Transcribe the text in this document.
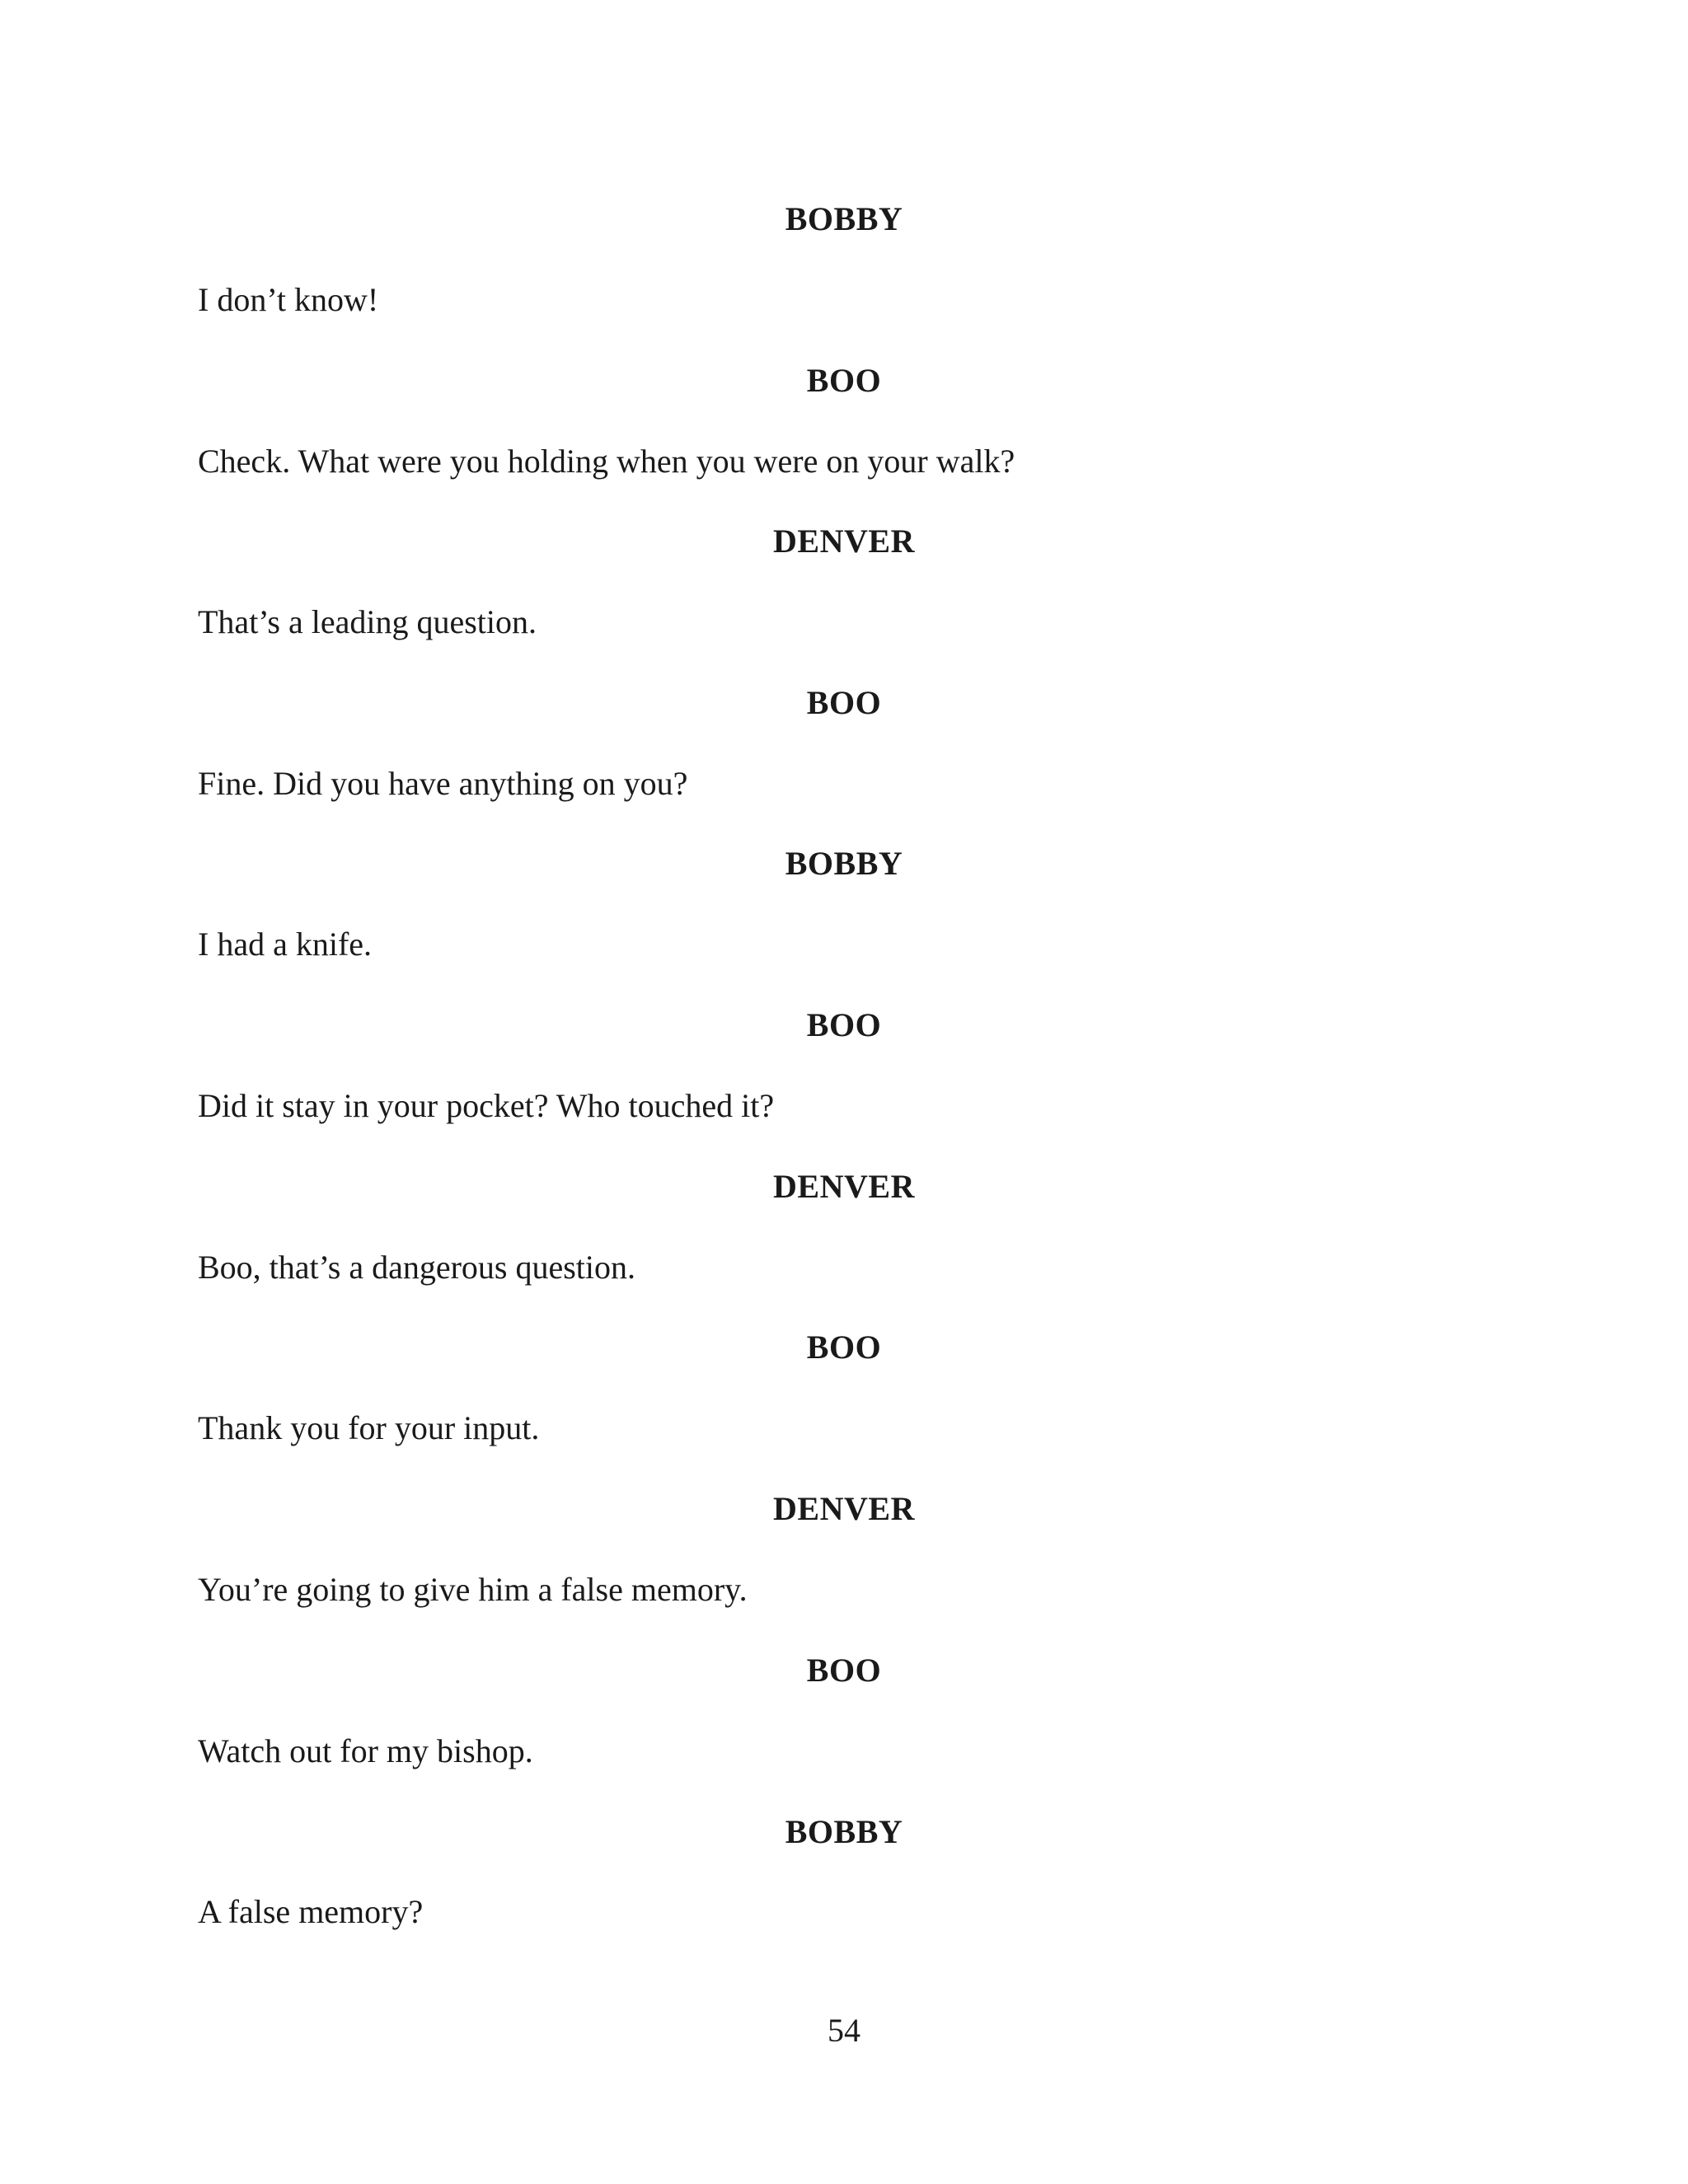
BOBBY
I don’t know!
BOO
Check. What were you holding when you were on your walk?
DENVER
That’s a leading question.
BOO
Fine. Did you have anything on you?
BOBBY
I had a knife.
BOO
Did it stay in your pocket? Who touched it?
DENVER
Boo, that’s a dangerous question.
BOO
Thank you for your input.
DENVER
You’re going to give him a false memory.
BOO
Watch out for my bishop.
BOBBY
A false memory?
54
